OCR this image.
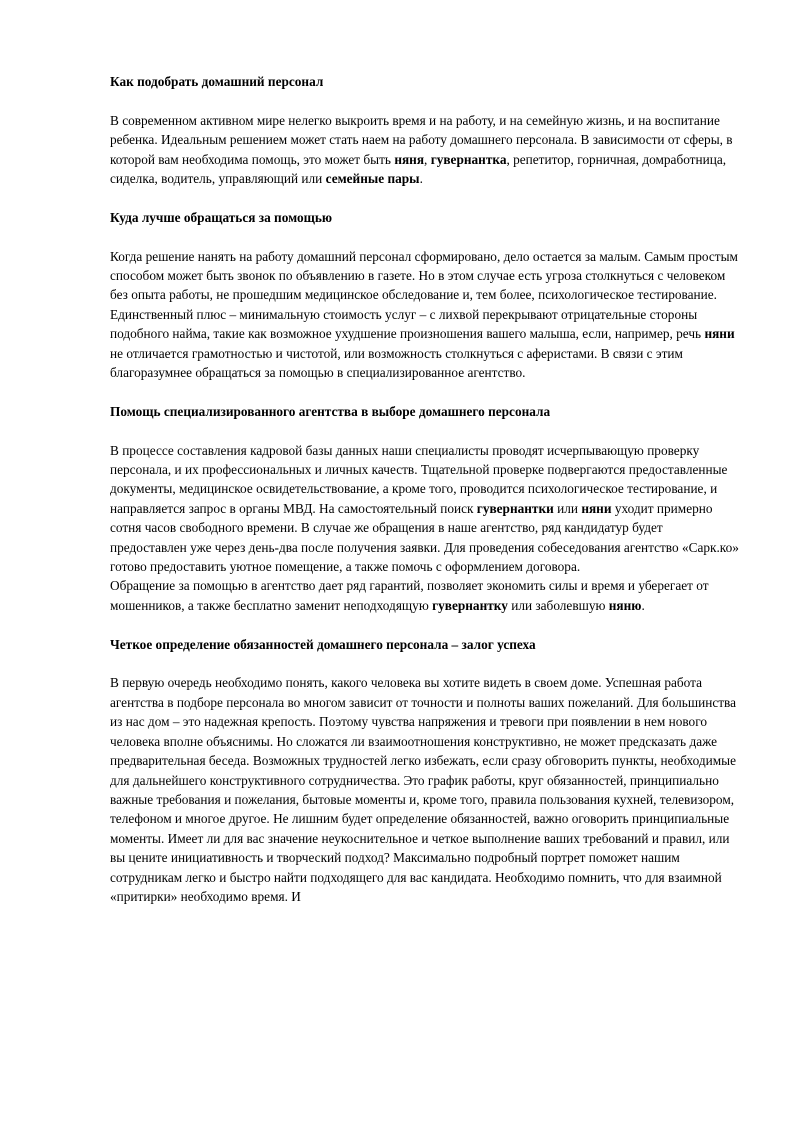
Как подобрать домашний персонал

В современном активном мире нелегко выкроить время и на работу, и на семейную жизнь, и на воспитание ребенка. Идеальным решением может стать наем на работу домашнего персонала. В зависимости от сферы, в которой вам необходима помощь, это может быть няня, гувернантка, репетитор, горничная, домработница, сиделка, водитель, управляющий или семейные пары.

Куда лучше обращаться за помощью

Когда решение нанять на работу домашний персонал сформировано, дело остается за малым. Самым простым способом может быть звонок по объявлению в газете. Но в этом случае есть угроза столкнуться с человеком без опыта работы, не прошедшим медицинское обследование и, тем более, психологическое тестирование. Единственный плюс – минимальную стоимость услуг – с лихвой перекрывают отрицательные стороны подобного найма, такие как возможное ухудшение произношения вашего малыша, если, например, речь няни не отличается грамотностью и чистотой, или возможность столкнуться с аферистами. В связи с этим благоразумнее обращаться за помощью в специализированное агентство.

Помощь специализированного агентства в выборе домашнего персонала

В процессе составления кадровой базы данных наши специалисты проводят исчерпывающую проверку персонала, и их профессиональных и личных качеств. Тщательной проверке подвергаются предоставленные документы, медицинское освидетельствование, а кроме того, проводится психологическое тестирование, и направляется запрос в органы МВД. На самостоятельный поиск гувернантки или няни уходит примерно сотня часов свободного времени. В случае же обращения в наше агентство, ряд кандидатур будет предоставлен уже через день-два после получения заявки. Для проведения собеседования агентство «Сарк.ко» готово предоставить уютное помещение, а также помочь с оформлением договора.

Обращение за помощью в агентство дает ряд гарантий, позволяет экономить силы и время и уберегает от мошенников, а также бесплатно заменит неподходящую гувернантку или заболевшую няню.

Четкое определение обязанностей домашнего персонала – залог успеха

В первую очередь необходимо понять, какого человека вы хотите видеть в своем доме. Успешная работа агентства в подборе персонала во многом зависит от точности и полноты ваших пожеланий. Для большинства из нас дом – это надежная крепость. Поэтому чувства напряжения и тревоги при появлении в нем нового человека вполне объяснимы. Но сложатся ли взаимоотношения конструктивно, не может предсказать даже предварительная беседа. Возможных трудностей легко избежать, если сразу обговорить пункты, необходимые для дальнейшего конструктивного сотрудничества. Это график работы, круг обязанностей, принципиально важные требования и пожелания, бытовые моменты и, кроме того, правила пользования кухней, телевизором, телефоном и многое другое. Не лишним будет определение обязанностей, важно оговорить принципиальные моменты. Имеет ли для вас значение неукоснительное и четкое выполнение ваших требований и правил, или вы цените инициативность и творческий подход? Максимально подробный портрет поможет нашим сотрудникам легко и быстро найти подходящего для вас кандидата. Необходимо помнить, что для взаимной «притирки» необходимо время. И
